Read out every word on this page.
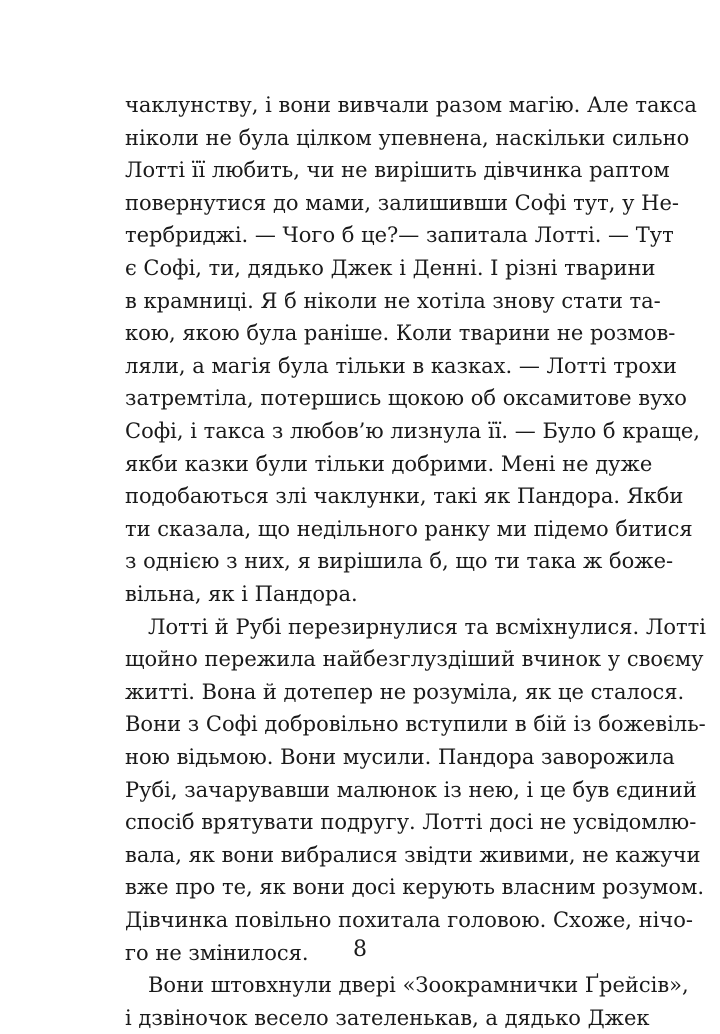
чаклунству, і вони вивчали разом магію. Але такса
ніколи не була цілком упевнена, наскільки сильно
Лотті її любить, чи не вирішить дівчинка раптом
повернутися до мами, залишивши Софі тут, у Не-
тербриджі. — Чого б це?— запитала Лотті. — Тут
є Софі, ти, дядько Джек і Денні. І різні тварини
в крамниці. Я б ніколи не хотіла знову стати та-
кою, якою була раніше. Коли тварини не розмов-
ляли, а магія була тільки в казках. — Лотті трохи
затремтіла, потершись щокою об оксамитове вухо
Софі, і такса з любов’ю лизнула її. — Було б краще,
якби казки були тільки добрими. Мені не дуже
подобаються злі чаклунки, такі як Пандора. Якби
ти сказала, що недільного ранку ми підемо битися
з однією з них, я вирішила б, що ти така ж боже-
вільна, як і Пандора.
Лотті й Рубі перезирнулися та всміхнулися. Лотті
щойно пережила найбезглуздіший вчинок у своєму
житті. Вона й дотепер не розуміла, як це сталося.
Вони з Софі добровільно вступили в бій із божевіль-
ною відьмою. Вони мусили. Пандора заворожила
Рубі, зачарувавши малюнок із нею, і це був єдиний
спосіб врятувати подругу. Лотті досі не усвідомлю-
вала, як вони вибралися звідти живими, не кажучи
вже про те, як вони досі керують власним розумом.
Дівчинка повільно похитала головою. Схоже, нічо-
го не змінилося.
Вони штовхнули двері «Зоокрамнички Ґрейсів»,
і дзвіночок весело зателенькав, а дядько Джек
8
